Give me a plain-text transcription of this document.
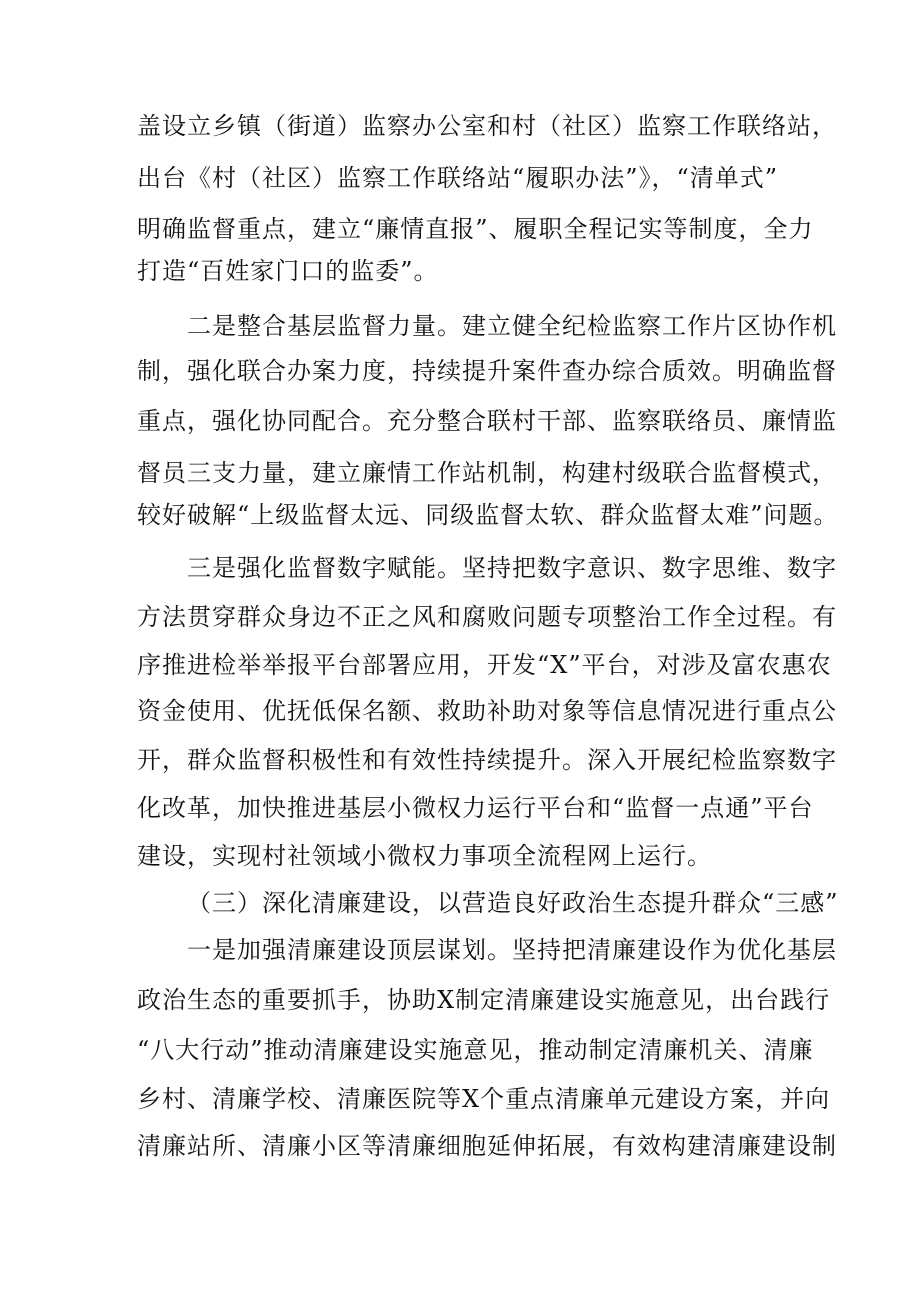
盖设立乡镇（街道）监察办公室和村（社区）监察工作联络站，
出台《村（社区）监察工作联络站“履职办法”》，“清单式”
明确监督重点，建立“廉情直报”、履职全程记实等制度，全力
打造“百姓家门口的监委”。
二是整合基层监督力量。建立健全纪检监察工作片区协作机
制，强化联合办案力度，持续提升案件查办综合质效。明确监督
重点，强化协同配合。充分整合联村干部、监察联络员、廉情监
督员三支力量，建立廉情工作站机制，构建村级联合监督模式，
较好破解“上级监督太远、同级监督太软、群众监督太难”问题。
三是强化监督数字赋能。坚持把数字意识、数字思维、数字
方法贯穿群众身边不正之风和腐败问题专项整治工作全过程。有
序推进检举举报平台部署应用，开发“X”平台，对涉及富农惠农
资金使用、优抚低保名额、救助补助对象等信息情况进行重点公
开，群众监督积极性和有效性持续提升。深入开展纪检监察数字
化改革，加快推进基层小微权力运行平台和“监督一点通”平台
建设，实现村社领域小微权力事项全流程网上运行。
（三）深化清廉建设，以营造良好政治生态提升群众“三感”
一是加强清廉建设顶层谋划。坚持把清廉建设作为优化基层
政治生态的重要抓手，协助X制定清廉建设实施意见，出台践行
“八大行动”推动清廉建设实施意见，推动制定清廉机关、清廉
乡村、清廉学校、清廉医院等X个重点清廉单元建设方案，并向
清廉站所、清廉小区等清廉细胞延伸拓展，有效构建清廉建设制
